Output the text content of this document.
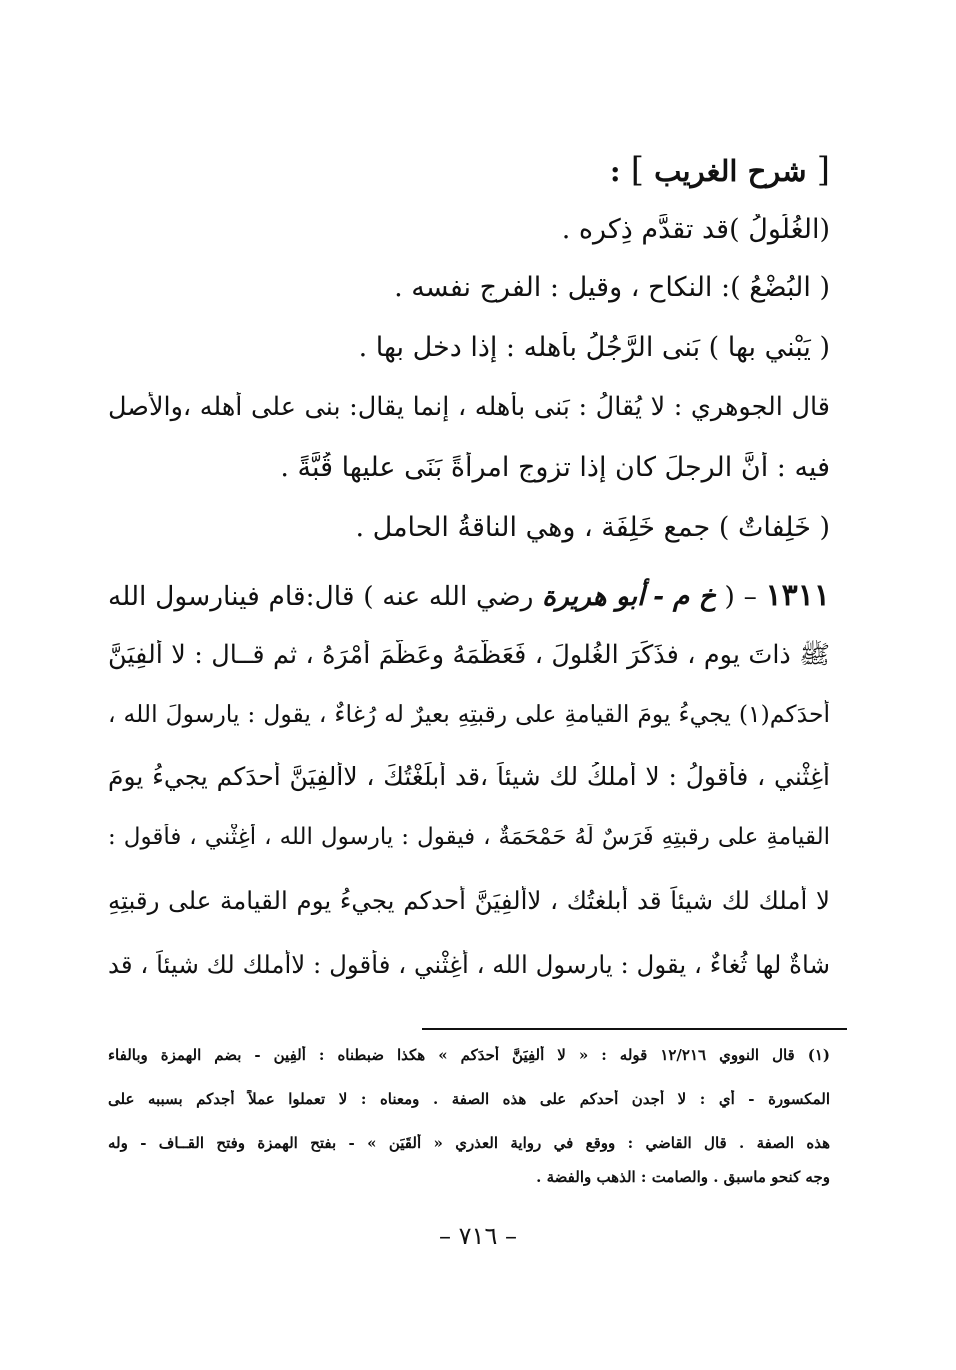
[ شرح الغريب ] :
(الغُلُولُ )قد تقدَّم ذِكره .
( البُضْعُ ): النكاح ، وقيل : الفرج نفسه .
( يَبْني بها ) بَنى الرَّجُلُ بأهله : إذا دخل بها .
قال الجوهري : لا يُقالُ : بَنى بأهله ، إنما يقال: بنى على أهله ،والأصل
فيه : أنَّ الرجلَ كان إذا تزوج امرأةً بَنَى عليها قُبَّةً .
( خَلِفاتٌ ) جمع خَلِفَة ، وهي الناقةُ الحامل .
١٣١١ – ( خ م - أبو هريرة رضي الله عنه ) قال:قام فينارسول الله
ﷺ ذاتَ يوم ، فذَكَرَ الغُلولَ ، فَعَظَّمَهُ وعَظَّمَ أمْرَهُ ، ثم قــال : لا أُلفِيَنَّ
أحدَكم(١) يجيءُ يومَ القيامةِ على رقبتِهِ بعيرٌ له رُغاءٌ ، يقول : يارسولَ الله ،
أغِثْني ، فأقولُ : لا أملكُ لك شيئاً ،قد أبلَغْتُكَ ، لاأُلفِيَنَّ أحدَكم يجيءُ يومَ
القيامةِ على رقبتِهِ فَرَسٌ لَهُ حَمْحَمَةٌ ، فيقول : يارسول الله ، أغِثْني ، فأقول :
لا أملك لك شيئاً قد أبلغتُك ، لاأُلفِيَنَّ أحدكم يجيءُ يوم القيامة على رقبتِهِ
شاةٌ لها ثُغاءٌ ، يقول : يارسول الله ، أغِثْني ، فأقول : لاأملك لك شيئاً ، قد
(١) قال النووي ١٢/٢١٦ قوله : « لا أُلفِيَنَّ أحدَكم » هكذا ضبطناه : أُلفِين - بضم الهمزة وبالفاء
المكسورة - أي : لا أجدن أحدكم على هذه الصفة . ومعناه : لا تعملوا عملاً أجدكم بسببه على
هذه الصفة . قال القاضي : ووقع في رواية العذري « أَلقَيَن » - بفتح الهمزة وفتح القــاف - وله
وجه كنحو ماسبق . والصامت : الذهب والفضة .
– ٧١٦ –
